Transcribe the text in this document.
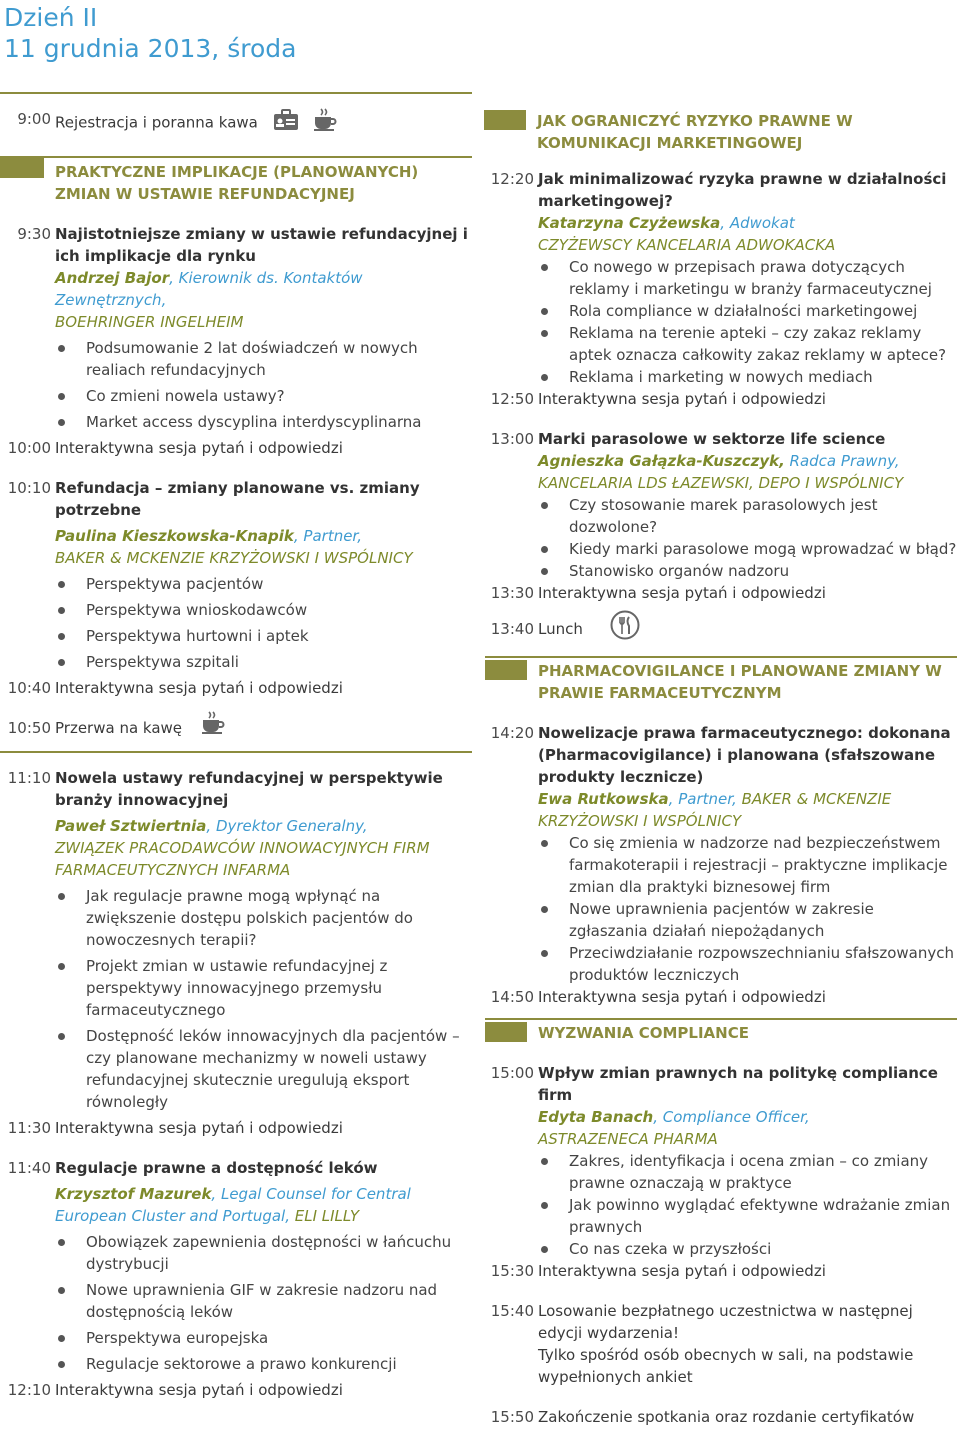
Dzień II
11 grudnia 2013, środa
9:00 Rejestracja i poranna kawa
PRAKTYCZNE IMPLIKACJE (PLANOWANYCH) ZMIAN W USTAWIE REFUNDACYJNEJ
9:30 Najistotniejsze zmiany w ustawie refundacyjnej i ich implikacje dla rynku
Andrzej Bajor, Kierownik ds. Kontaktów Zewnętrznych,
BOEHRINGER INGELHEIM
Podsumowanie 2 lat doświadczeń w nowych realiach refundacyjnych
Co zmieni nowela ustawy?
Market access dyscyplina interdyscyplinarna
10:00 Interaktywna sesja pytań i odpowiedzi
10:10 Refundacja – zmiany planowane vs. zmiany potrzebne
Paulina Kieszkowska-Knapik, Partner,
BAKER & MCKENZIE KRZYŻOWSKI I WSPÓLNICY
Perspektywa pacjentów
Perspektywa wnioskodawców
Perspektywa hurtowni i aptek
Perspektywa szpitali
10:40 Interaktywna sesja pytań i odpowiedzi
10:50 Przerwa na kawę
11:10 Nowela ustawy refundacyjnej w perspektywie branży innowacyjnej
Paweł Sztwiertnia, Dyrektor Generalny,
ZWIĄZEK PRACODAWCÓW INNOWACYJNYCH FIRM FARMACEUTYCZNYCH INFARMA
Jak regulacje prawne mogą wpłynąć na zwiększenie dostępu polskich pacjentów do nowoczesnych terapii?
Projekt zmian w ustawie refundacyjnej z perspektywy innowacyjnego przemysłu farmaceutycznego
Dostępność leków innowacyjnych dla pacjentów – czy planowane mechanizmy w noweli ustawy refundacyjnej skutecznie uregulują eksport równoległy
11:30 Interaktywna sesja pytań i odpowiedzi
11:40 Regulacje prawne a dostępność leków
Krzysztof Mazurek, Legal Counsel for Central European Cluster and Portugal, ELI LILLY
Obowiązek zapewnienia dostępności w łańcuchu dystrybucji
Nowe uprawnienia GIF w zakresie nadzoru nad dostępnością leków
Perspektywa europejska
Regulacje sektorowe a prawo konkurencji
12:10 Interaktywna sesja pytań i odpowiedzi
JAK OGRANICZYĆ RYZYKO PRAWNE W KOMUNIKACJI MARKETINGOWEJ
12:20 Jak minimalizować ryzyka prawne w działalności marketingowej?
Katarzyna Czyżewska, Adwokat
CZYŻEWSCY KANCELARIA ADWOKACKA
Co nowego w przepisach prawa dotyczących reklamy i marketingu w branży farmaceutycznej
Rola compliance w działalności marketingowej
Reklama na terenie apteki – czy zakaz reklamy aptek oznacza całkowity zakaz reklamy w aptece?
Reklama i marketing w nowych mediach
12:50 Interaktywna sesja pytań i odpowiedzi
13:00 Marki parasolowe w sektorze life science
Agnieszka Gałązka-Kuszczyk, Radca Prawny,
KANCELARIA LDS ŁAZEWSKI, DEPO I WSPÓLNICY
Czy stosowanie marek parasolowych jest dozwolone?
Kiedy marki parasolowe mogą wprowadzać w błąd?
Stanowisko organów nadzoru
13:30 Interaktywna sesja pytań i odpowiedzi
13:40 Lunch
PHARMACOVIGILANCE I PLANOWANE ZMIANY W PRAWIE FARMACEUTYCZNYM
14:20 Nowelizacje prawa farmaceutycznego: dokonana (Pharmacovigilance) i planowana (sfałszowane produkty lecznicze)
Ewa Rutkowska, Partner, BAKER & MCKENZIE KRZYŻOWSKI I WSPÓLNICY
Co się zmienia w nadzorze nad bezpieczeństwem farmakoterapii i rejestracji – praktyczne implikacje zmian dla praktyki biznesowej firm
Nowe uprawnienia pacjentów w zakresie zgłaszania działań niepożądanych
Przeciwdziałanie rozpowszechnianiu sfałszowanych produktów leczniczych
14:50 Interaktywna sesja pytań i odpowiedzi
WYZWANIA COMPLIANCE
15:00 Wpływ zmian prawnych na politykę compliance firm
Edyta Banach, Compliance Officer,
ASTRAZENECA PHARMA
Zakres, identyfikacja i ocena zmian – co zmiany prawne oznaczają w praktyce
Jak powinno wyglądać efektywne wdrażanie zmian prawnych
Co nas czeka w przyszłości
15:30 Interaktywna sesja pytań i odpowiedzi
15:40 Losowanie bezpłatnego uczestnictwa w następnej edycji wydarzenia!
Tylko spośród osób obecnych w sali, na podstawie wypełnionych ankiet
15:50 Zakończenie spotkania oraz rozdanie certyfikatów
